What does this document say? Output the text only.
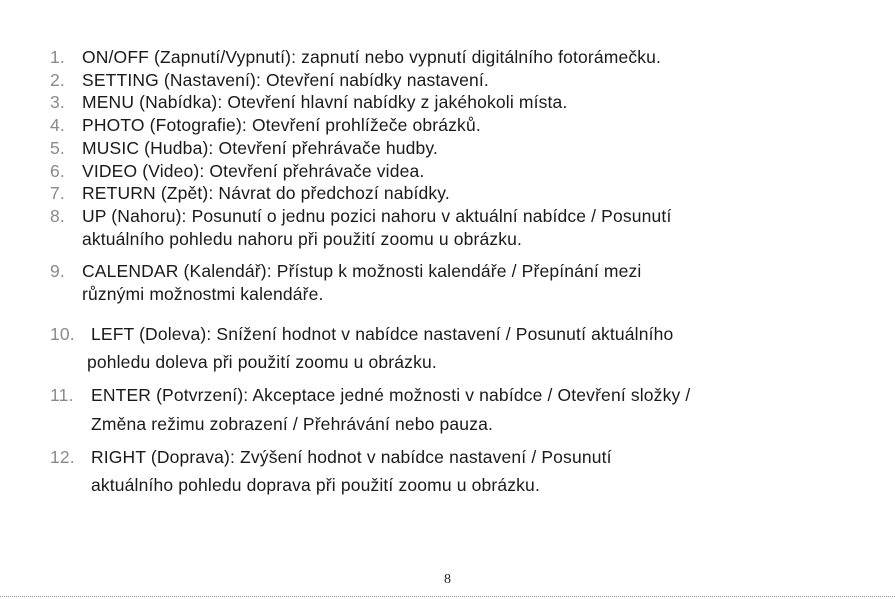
1. ON/OFF (Zapnutí/Vypnutí): zapnutí nebo vypnutí digitálního fotorámečku.
2. SETTING (Nastavení): Otevření nabídky nastavení.
3. MENU (Nabídka): Otevření hlavní nabídky z jakéhokoli místa.
4. PHOTO (Fotografie): Otevření prohlížeče obrázků.
5. MUSIC (Hudba): Otevření přehrávače hudby.
6. VIDEO (Video): Otevření přehrávače videa.
7. RETURN (Zpět): Návrat do předchozí nabídky.
8. UP (Nahoru): Posunutí o jednu pozici nahoru v aktuální nabídce / Posunutí
aktuálního pohledu nahoru při použití zoomu u obrázku.
9. CALENDAR (Kalendář): Přístup k možnosti kalendáře / Přepínání mezi
různými možnostmi kalendáře.
10. LEFT (Doleva): Snížení hodnot v nabídce nastavení / Posunutí aktuálního
pohledu doleva při použití zoomu u obrázku.
11.	ENTER (Potvrzení): Akceptace jedné možnosti v nabídce / Otevření složky /
Změna režimu zobrazení / Přehrávání nebo pauza.
12. RIGHT (Doprava): Zvýšení hodnot v nabídce nastavení / Posunutí
aktuálního pohledu doprava při použití zoomu u obrázku.
8
